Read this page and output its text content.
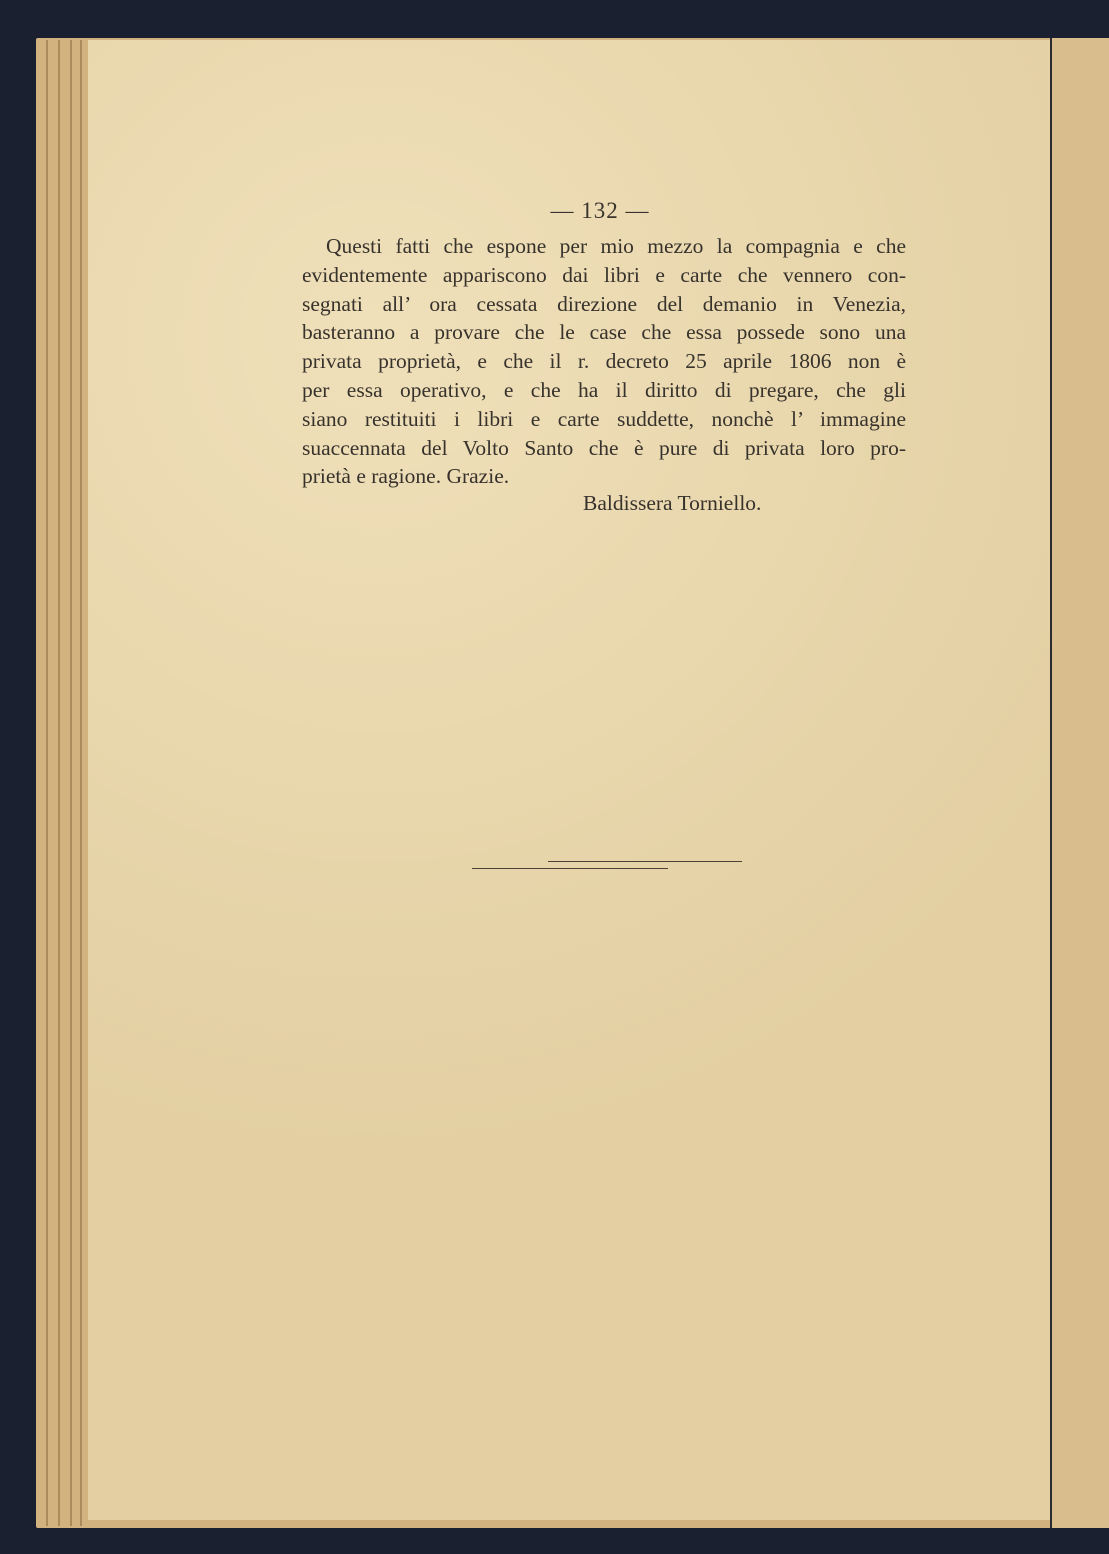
— 132 —
Questi fatti che espone per mio mezzo la compagnia e che
evidentemente appariscono dai libri e carte che vennero con-
segnati all’ ora cessata direzione del demanio in Venezia,
basteranno a provare che le case che essa possede sono una
privata proprietà, e che il r. decreto 25 aprile 1806 non è
per essa operativo, e che ha il diritto di pregare, che gli
siano restituiti i libri e carte suddette, nonchè l’ immagine
suaccennata del Volto Santo che è pure di privata loro pro-
prietà e ragione. Grazie.
Baldissera Torniello.
